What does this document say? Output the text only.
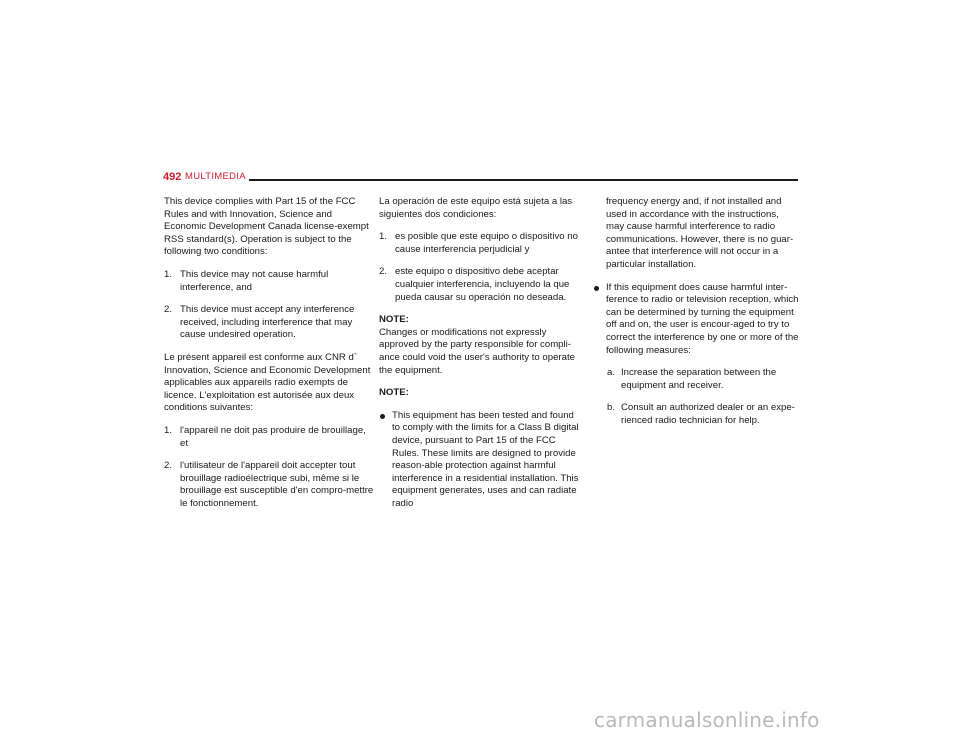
492 MULTIMEDIA

This device complies with Part 15 of the FCC Rules and with Innovation, Science and Economic Development Canada license-exempt RSS standard(s). Operation is subject to the following two conditions:

1. This device may not cause harmful interference, and
2. This device must accept any interference received, including interference that may cause undesired operation.

Le présent appareil est conforme aux CNR d` Innovation, Science and Economic Development applicables aux appareils radio exempts de licence. L'exploitation est autorisée aux deux conditions suivantes:

1. l'appareil ne doit pas produire de brouillage, et
2. l'utilisateur de l'appareil doit accepter tout brouillage radioélectrique subi, même si le brouillage est susceptible d'en compro-mettre le fonctionnement.

La operación de este equipo está sujeta a las siguientes dos condiciones:

1. es posible que este equipo o dispositivo no cause interferencia perjudicial y
2. este equipo o dispositivo debe aceptar cualquier interferencia, incluyendo la que pueda causar su operación no deseada.
NOTE:
Changes or modifications not expressly approved by the party responsible for compli-ance could void the user's authority to operate the equipment.

NOTE:

This equipment has been tested and found to comply with the limits for a Class B digital device, pursuant to Part 15 of the FCC Rules. These limits are designed to provide reason-able protection against harmful interference in a residential installation. This equipment generates, uses and can radiate radio

frequency energy and, if not installed and used in accordance with the instructions, may cause harmful interference to radio communications. However, there is no guar-antee that interference will not occur in a particular installation.

If this equipment does cause harmful inter-ference to radio or television reception, which can be determined by turning the equipment off and on, the user is encour-aged to try to correct the interference by one or more of the following measures:
a. Increase the separation between the equipment and receiver.
b. Consult an authorized dealer or an expe-rienced radio technician for help.
carmanualsonline.info
